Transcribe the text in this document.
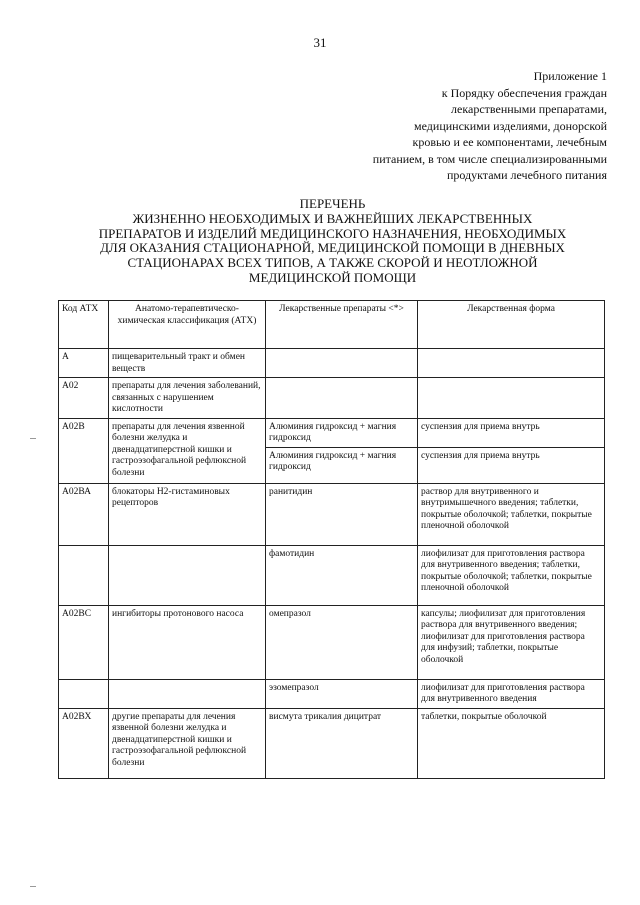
31
Приложение 1
к Порядку обеспечения граждан
лекарственными препаратами,
медицинскими изделиями, донорской
кровью и ее компонентами, лечебным
питанием, в том числе специализированными
продуктами лечебного питания
ПЕРЕЧЕНЬ
ЖИЗНЕННО НЕОБХОДИМЫХ И ВАЖНЕЙШИХ ЛЕКАРСТВЕННЫХ
ПРЕПАРАТОВ И ИЗДЕЛИЙ МЕДИЦИНСКОГО НАЗНАЧЕНИЯ, НЕОБХОДИМЫХ
ДЛЯ ОКАЗАНИЯ СТАЦИОНАРНОЙ, МЕДИЦИНСКОЙ ПОМОЩИ В ДНЕВНЫХ
СТАЦИОНАРАХ ВСЕХ ТИПОВ, А ТАКЖЕ СКОРОЙ И НЕОТЛОЖНОЙ
МЕДИЦИНСКОЙ ПОМОЩИ
Код АТХ	Анатомо-терапевтическо-химическая классификация (АТХ)	Лекарственные препараты <*>	Лекарственная форма
А	пищеварительный тракт и обмен веществ		
А02	препараты для лечения заболеваний, связанных с нарушением кислотности		
А02В	препараты для лечения язвенной болезни желудка и двенадцатиперстной кишки и гастроэзофагальной рефлюксной болезни	Алюминия гидроксид + магния гидроксид	суспензия для приема внутрь
		Алюминия гидроксид + магния гидроксид	суспензия для приема внутрь
А02ВА	блокаторы Н2-гистаминовых рецепторов	ранитидин	раствор для внутривенного и внутримышечного введения; таблетки, покрытые оболочкой; таблетки, покрытые пленочной оболочкой
		фамотидин	лиофилизат для приготовления раствора для внутривенного введения; таблетки, покрытые оболочкой; таблетки, покрытые пленочной оболочкой
А02ВС	ингибиторы протонового насоса	омепразол	капсулы; лиофилизат для приготовления раствора для внутривенного введения; лиофилизат для приготовления раствора для инфузий; таблетки, покрытые оболочкой
		эзомепразол	лиофилизат для приготовления раствора для внутривенного введения
А02ВХ	другие препараты для лечения язвенной болезни желудка и двенадцатиперстной кишки и гастроэзофагальной рефлюксной болезни	висмута трикалия дицитрат	таблетки, покрытые оболочкой
